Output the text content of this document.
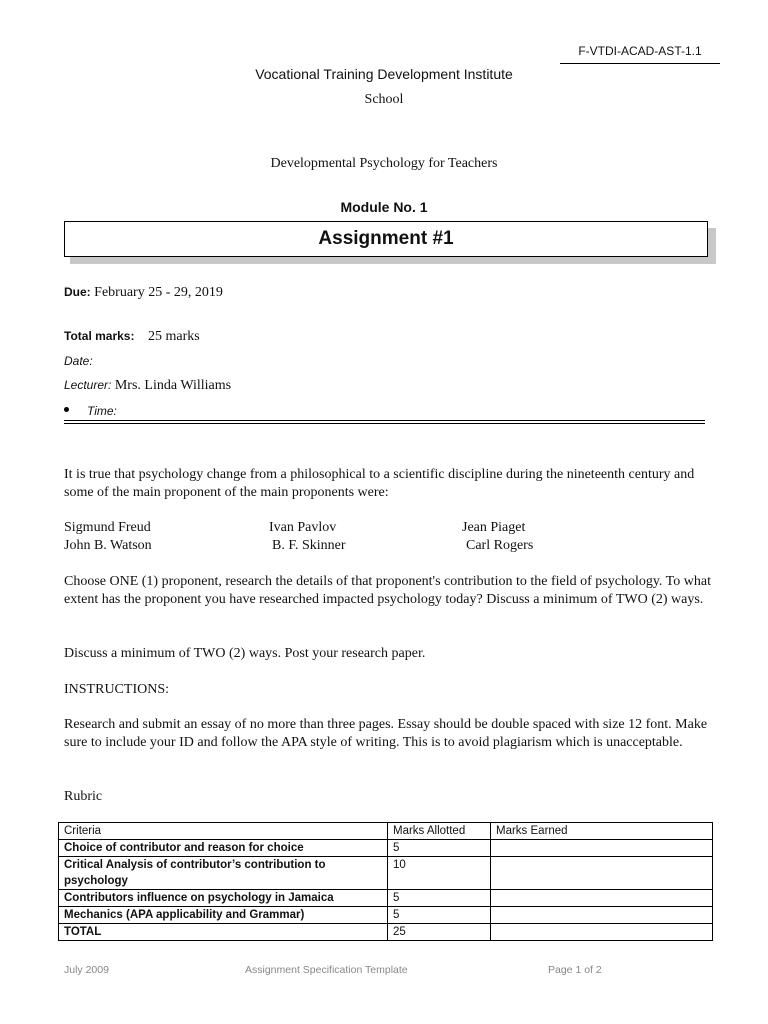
F-VTDI-ACAD-AST-1.1
Vocational Training Development Institute
School
Developmental Psychology for Teachers
Module No. 1
Assignment #1
Due: February 25 - 29, 2019
Total marks: 25 marks
Date:
Lecturer: Mrs. Linda Williams
Time:
It is true that psychology change from a philosophical to a scientific discipline during the nineteenth century and some of the main proponent of the main proponents were:
Sigmund Freud	Ivan Pavlov	Jean Piaget
John B. Watson	B. F. Skinner	Carl Rogers
Choose ONE (1) proponent, research the details of that proponent's contribution to the field of psychology. To what extent has the proponent you have researched impacted psychology today? Discuss a minimum of TWO (2) ways.
Discuss a minimum of TWO (2) ways. Post your research paper.
INSTRUCTIONS:
Research and submit an essay of no more than three pages. Essay should be double spaced with size 12 font. Make sure to include your ID and follow the APA style of writing. This is to avoid plagiarism which is unacceptable.
Rubric
Criteria	Marks Allotted	Marks Earned
Choice of contributor and reason for choice	5	
Critical Analysis of contributor’s contribution to psychology	10	
Contributors influence on psychology in Jamaica	5	
Mechanics (APA applicability and Grammar)	5	
TOTAL	25	
July 2009	Assignment Specification Template	Page 1 of 2
